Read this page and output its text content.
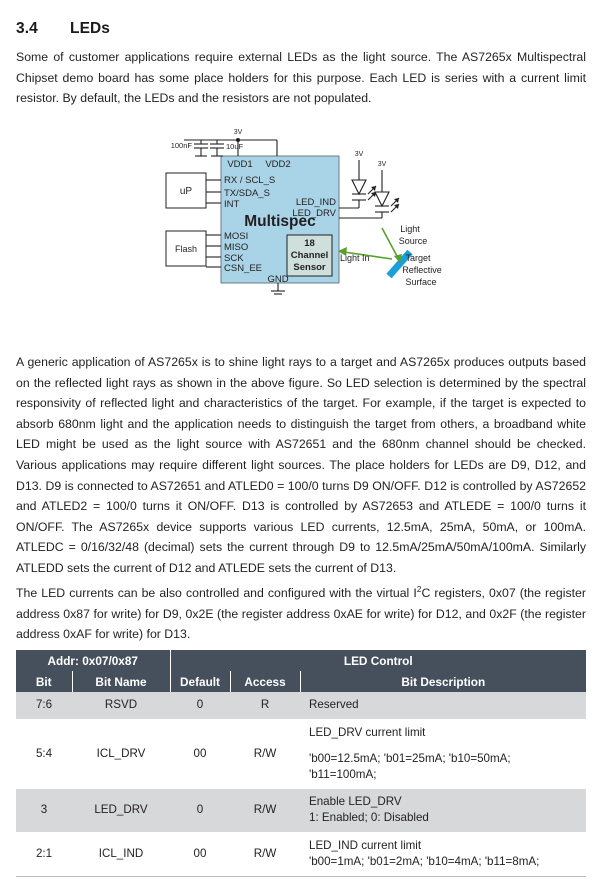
3.4 LEDs
Some of customer applications require external LEDs as the light source. The AS7265x Multispectral Chipset demo board has some place holders for this purpose. Each LED is series with a current limit resistor. By default, the LEDs and the resistors are not populated.
3V
100nF	10uF
VDD1 VDD2
uP
RX / SCL_S
TX/SDA_S
INT
Multispec
Flash
MOSI
MISO
SCK
CSN_EE
18
Channel
Sensor
GND
LED_IND
LED_DRV
3V
3V
Light
Source
Light In	Target
Reflective
Surface
A generic application of AS7265x is to shine light rays to a target and AS7265x produces outputs based on the reflected light rays as shown in the above figure. So LED selection is determined by the spectral responsivity of reflected light and characteristics of the target. For example, if the target is expected to absorb 680nm light and the application needs to distinguish the target from others, a broadband white LED might be used as the light source with AS72651 and the 680nm channel should be checked. Various applications may require different light sources. The place holders for LEDs are D9, D12, and D13. D9 is connected to AS72651 and ATLED0 = 100/0 turns D9 ON/OFF. D12 is controlled by AS72652 and ATLED2 = 100/0 turns it ON/OFF. D13 is controlled by AS72653 and ATLEDE = 100/0 turns it ON/OFF. The AS7265x device supports various LED currents, 12.5mA, 25mA, 50mA, or 100mA. ATLEDC = 0/16/32/48 (decimal) sets the current through D9 to 12.5mA/25mA/50mA/100mA. Similarly ATLEDD sets the current of D12 and ATLEDE sets the current of D13.
The LED currents can be also controlled and configured with the virtual $I^2C$ registers, 0x07 (the register address 0x87 for write) for D9, 0x2E (the register address 0xAE for write) for D12, and 0x2F (the register address 0xAF for write) for D13.
Addr: 0x07/0x87		LED Control		
Bit	Bit Name	Default	Access	Bit Description
7:6	RSVD	0	R	Reserved

5:4	ICL_DRV	00	R/W	LED_DRV current limit
'b00=12.5mA; 'b01=25mA; 'b10=50mA;
'b11=100mA;

3	LED_DRV	0	R/W	Enable LED_DRV
1: Enabled; 0: Disabled

2:1	ICL_IND	00	R/W	LED_IND current limit
'b00=1mA; 'b01=2mA; 'b10=4mA; 'b11=8mA;
